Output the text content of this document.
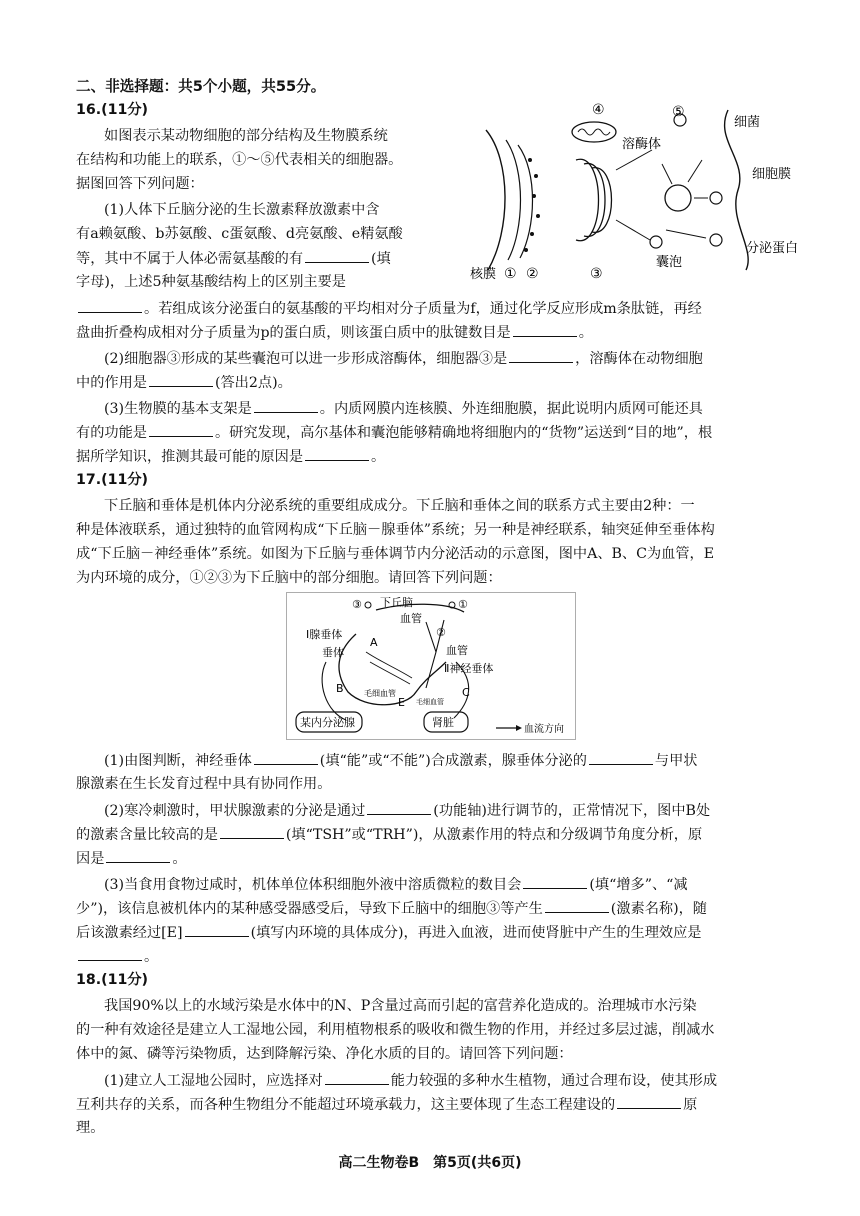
二、非选择题：共5个小题，共55分。
16.(11分)
如图表示某动物细胞的部分结构及生物膜系统
在结构和功能上的联系，①～⑤代表相关的细胞器。
据图回答下列问题：
(1)人体下丘脑分泌的生长激素释放激素中含
有a赖氨酸、b苏氨酸、c蛋氨酸、d亮氨酸、e精氨酸
等，其中不属于人体必需氨基酸的有	(填
字母)，上述5种氨基酸结构上的区别主要是
。若组成该分泌蛋白的氨基酸的平均相对分子质量为f，通过化学反应形成m条肽链，再经
盘曲折叠构成相对分子质量为p的蛋白质，则该蛋白质中的肽键数目是	。
(2)细胞器③形成的某些囊泡可以进一步形成溶酶体，细胞器③是	，溶酶体在动物细胞
中的作用是	(答出2点)。
(3)生物膜的基本支架是	。内质网膜内连核膜、外连细胞膜，据此说明内质网可能还具
有的功能是	。研究发现，高尔基体和囊泡能够精确地将细胞内的“货物”运送到“目的地”，根
据所学知识，推测其最可能的原因是	。
④	⑤
细菌
溶酶体
细胞膜
分泌蛋白
核膜 ① ②	③
囊泡
17.(11分)
下丘脑和垂体是机体内分泌系统的重要组成成分。下丘脑和垂体之间的联系方式主要由2种：一
种是体液联系，通过独特的血管网构成“下丘脑－腺垂体”系统；另一种是神经联系，轴突延伸至垂体构
成“下丘脑－神经垂体”系统。如图为下丘脑与垂体调节内分泌活动的示意图，图中A、B、C为血管，E
为内环境的成分，①②③为下丘脑中的部分细胞。请回答下列问题：
③ 下丘脑	①
血管
②
Ⅰ腺垂体
A
垂体	血管
Ⅱ神经垂体
B	毛细血管	C
E 毛细血管
某内分泌腺	肾脏
血流方向
(1)由图判断，神经垂体	(填“能”或“不能”)合成激素，腺垂体分泌的	与甲状
腺激素在生长发育过程中具有协同作用。
(2)寒冷刺激时，甲状腺激素的分泌是通过	(功能轴)进行调节的，正常情况下，图中B处
的激素含量比较高的是	(填“TSH”或“TRH”)，从激素作用的特点和分级调节角度分析，原
因是	。
(3)当食用食物过咸时，机体单位体积细胞外液中溶质微粒的数目会	(填“增多”、“减
少”)，该信息被机体内的某种感受器感受后，导致下丘脑中的细胞③等产生	(激素名称)，随
后该激素经过[E]	(填写内环境的具体成分)，再进入血液，进而使肾脏中产生的生理效应是
。
18.(11分)
我国90%以上的水域污染是水体中的N、P含量过高而引起的富营养化造成的。治理城市水污染
的一种有效途径是建立人工湿地公园，利用植物根系的吸收和微生物的作用，并经过多层过滤，削减水
体中的氮、磷等污染物质，达到降解污染、净化水质的目的。请回答下列问题：
(1)建立人工湿地公园时，应选择对	能力较强的多种水生植物，通过合理布设，使其形成
互利共存的关系，而各种生物组分不能超过环境承载力，这主要体现了生态工程建设的	原
理。
高二生物卷B　第5页(共6页)
